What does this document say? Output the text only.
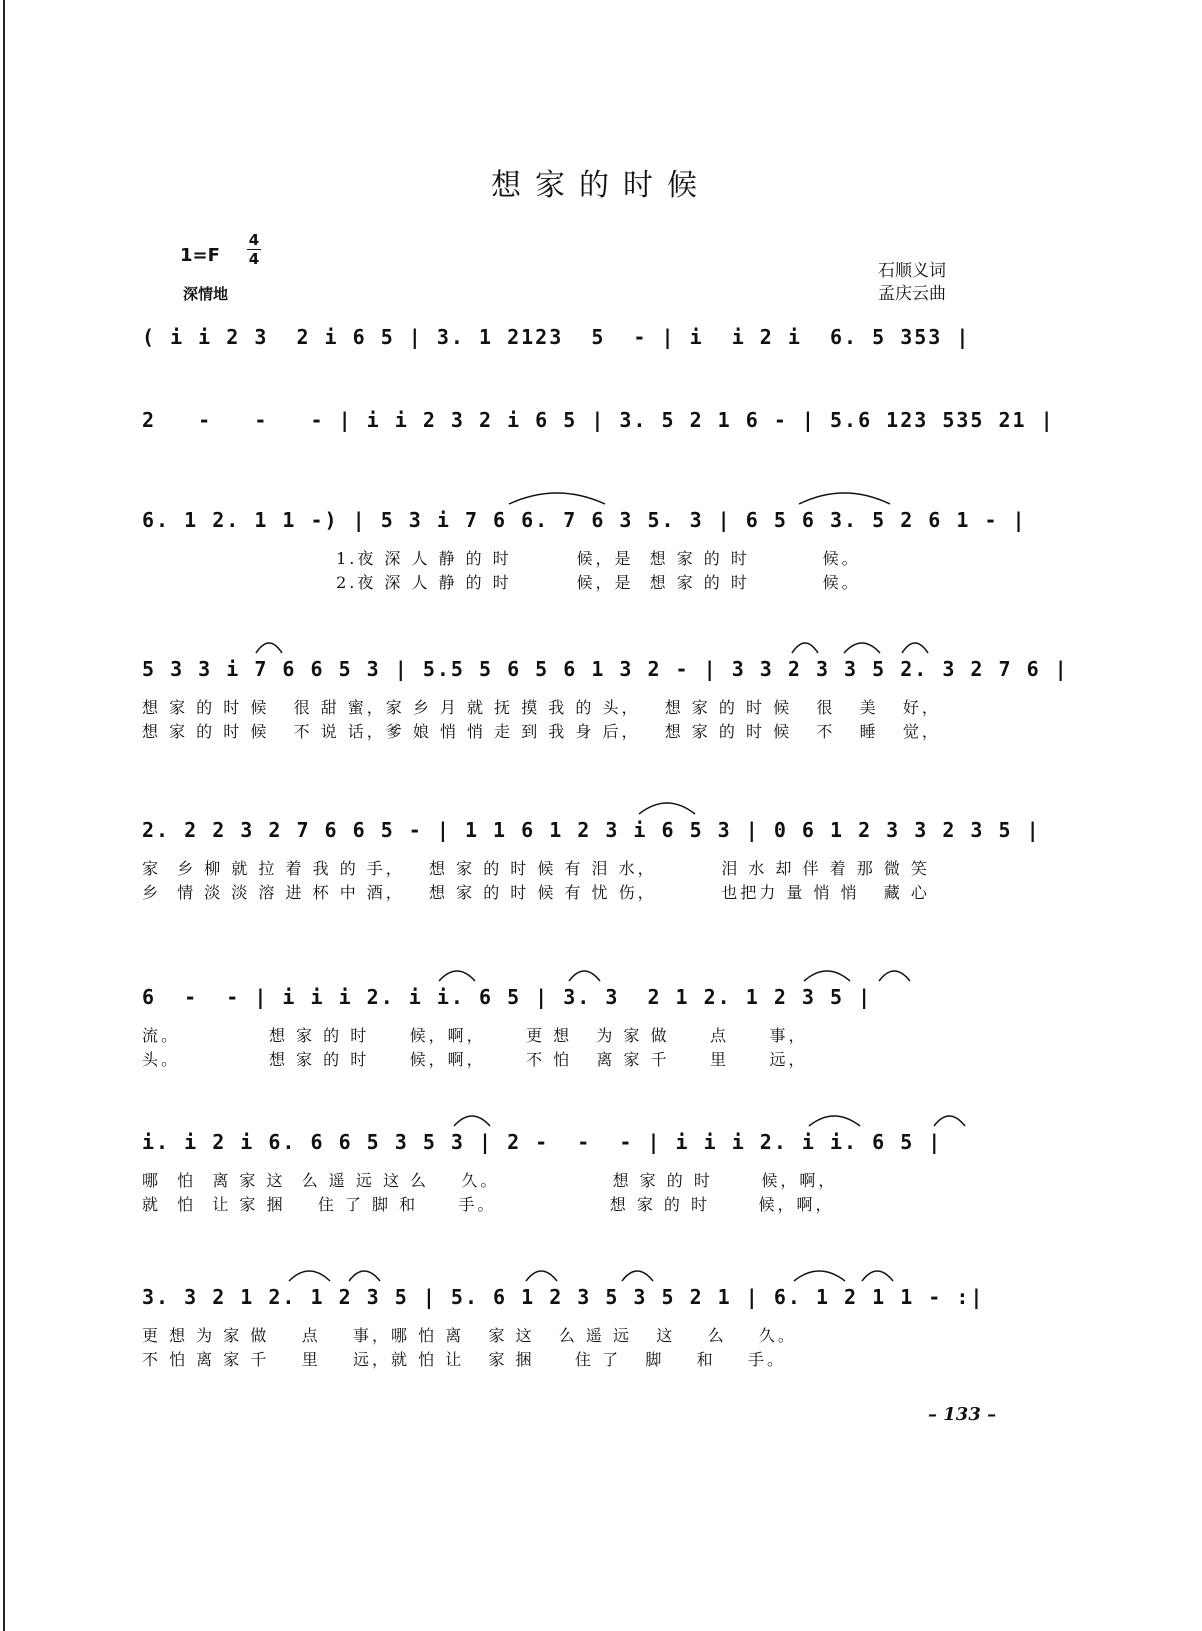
想家的时候
1=F
4
4
深情地
石顺义词
孟庆云曲
( i i 2 3  2 i 6 5 | 3. 1 2123  5  - | i  i 2 i  6. 5 353 |
2   -   -   - | i i 2 3 2 i 6 5 | 3. 5 2 1 6 - | 5.6 123 535 21 |
6. 1 2. 1 1 -) | 5 3 i 7 6 6. 7 6 3 5. 3 | 6 5 6 3. 5 2 6 1 - |
1.夜 深 人 静 的 时        候，是  想 家 的 时         候。
2.夜 深 人 静 的 时        候，是  想 家 的 时         候。
5 3 3 i 7 6 6 5 3 | 5.5 5 6 5 6 1 3 2 - | 3 3 2 3 3 5 2. 3 2 7 6 |
想 家 的 时 候   很 甜 蜜，家 乡 月 就 抚 摸 我 的 头，   想 家 的 时 候   很   美   好，
想 家 的 时 候   不 说 话，爹 娘 悄 悄 走 到 我 身 后，   想 家 的 时 候   不   睡   觉，
2. 2 2 3 2 7 6 6 5 - | 1 1 6 1 2 3 i 6 5 3 | 0 6 1 2 3 3 2 3 5 |
家  乡 柳 就 拉 着 我 的 手，   想 家 的 时 候 有 泪 水，        泪 水 却 伴 着 那 微 笑
乡  情 淡 淡 溶 进 杯 中 酒，   想 家 的 时 候 有 忧 伤，        也把力 量 悄 悄   藏 心
6  -  - | i i i 2. i i. 6 5 | 3. 3  2 1 2. 1 2 3 5 |
流。           想 家 的 时     候，啊，     更 想   为 家 做     点     事，
头。           想 家 的 时     候，啊，     不 怕   离 家 千     里     远，
i. i 2 i 6. 6 6 5 3 5 3 | 2 -  -  - | i i i 2. i i. 6 5 |
哪  怕  离 家 这  么 遥 远 这 么    久。              想 家 的 时      候，啊，
就  怕  让 家 捆    住 了 脚 和     手。              想 家 的 时      候，啊，
3. 3 2 1 2. 1 2 3 5 | 5. 6 1 2 3 5 3 5 2 1 | 6. 1 2 1 1 - :|
更 想 为 家 做    点    事，哪 怕 离   家 这   么 遥 远   这    么    久。
不 怕 离 家 千    里    远，就 怕 让   家 捆     住 了   脚    和    手。
– 133 –
